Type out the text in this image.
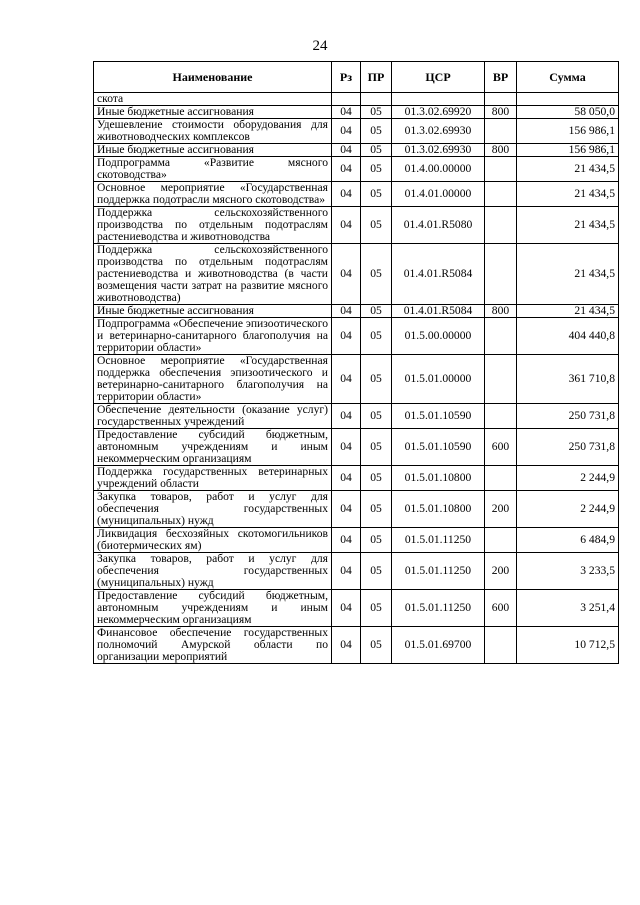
24
Наименование	Рз	ПР	ЦСР	ВР	Сумма
скота					
Иные бюджетные ассигнования	04	05	01.3.02.69920	800	58 050,0
Удешевление стоимости оборудования для животноводческих комплексов	04	05	01.3.02.69930		156 986,1
Иные бюджетные ассигнования	04	05	01.3.02.69930	800	156 986,1
Подпрограмма «Развитие мясного скотоводства»	04	05	01.4.00.00000		21 434,5
Основное мероприятие «Государственная поддержка подотрасли мясного скотоводства»	04	05	01.4.01.00000		21 434,5
Поддержка сельскохозяйственного производства по отдельным подотраслям растениеводства и животноводства	04	05	01.4.01.R5080		21 434,5
Поддержка сельскохозяйственного производства по отдельным подотраслям растениеводства и животноводства (в части возмещения части затрат на развитие мясного животноводства)	04	05	01.4.01.R5084		21 434,5
Иные бюджетные ассигнования	04	05	01.4.01.R5084	800	21 434,5
Подпрограмма «Обеспечение эпизоотического и ветеринарно-санитарного благополучия на территории области»	04	05	01.5.00.00000		404 440,8
Основное мероприятие «Государственная поддержка обеспечения эпизоотического и ветеринарно-санитарного благополучия на территории области»	04	05	01.5.01.00000		361 710,8
Обеспечение деятельности (оказание услуг) государственных учреждений	04	05	01.5.01.10590		250 731,8
Предоставление субсидий бюджетным, автономным учреждениям и иным некоммерческим организациям	04	05	01.5.01.10590	600	250 731,8
Поддержка государственных ветеринарных учреждений области	04	05	01.5.01.10800		2 244,9
Закупка товаров, работ и услуг для обеспечения государственных (муниципальных) нужд	04	05	01.5.01.10800	200	2 244,9
Ликвидация бесхозяйных скотомогильников (биотермических ям)	04	05	01.5.01.11250		6 484,9
Закупка товаров, работ и услуг для обеспечения государственных (муниципальных) нужд	04	05	01.5.01.11250	200	3 233,5
Предоставление субсидий бюджетным, автономным учреждениям и иным некоммерческим организациям	04	05	01.5.01.11250	600	3 251,4
Финансовое обеспечение государственных полномочий Амурской области по организации мероприятий	04	05	01.5.01.69700		10 712,5
